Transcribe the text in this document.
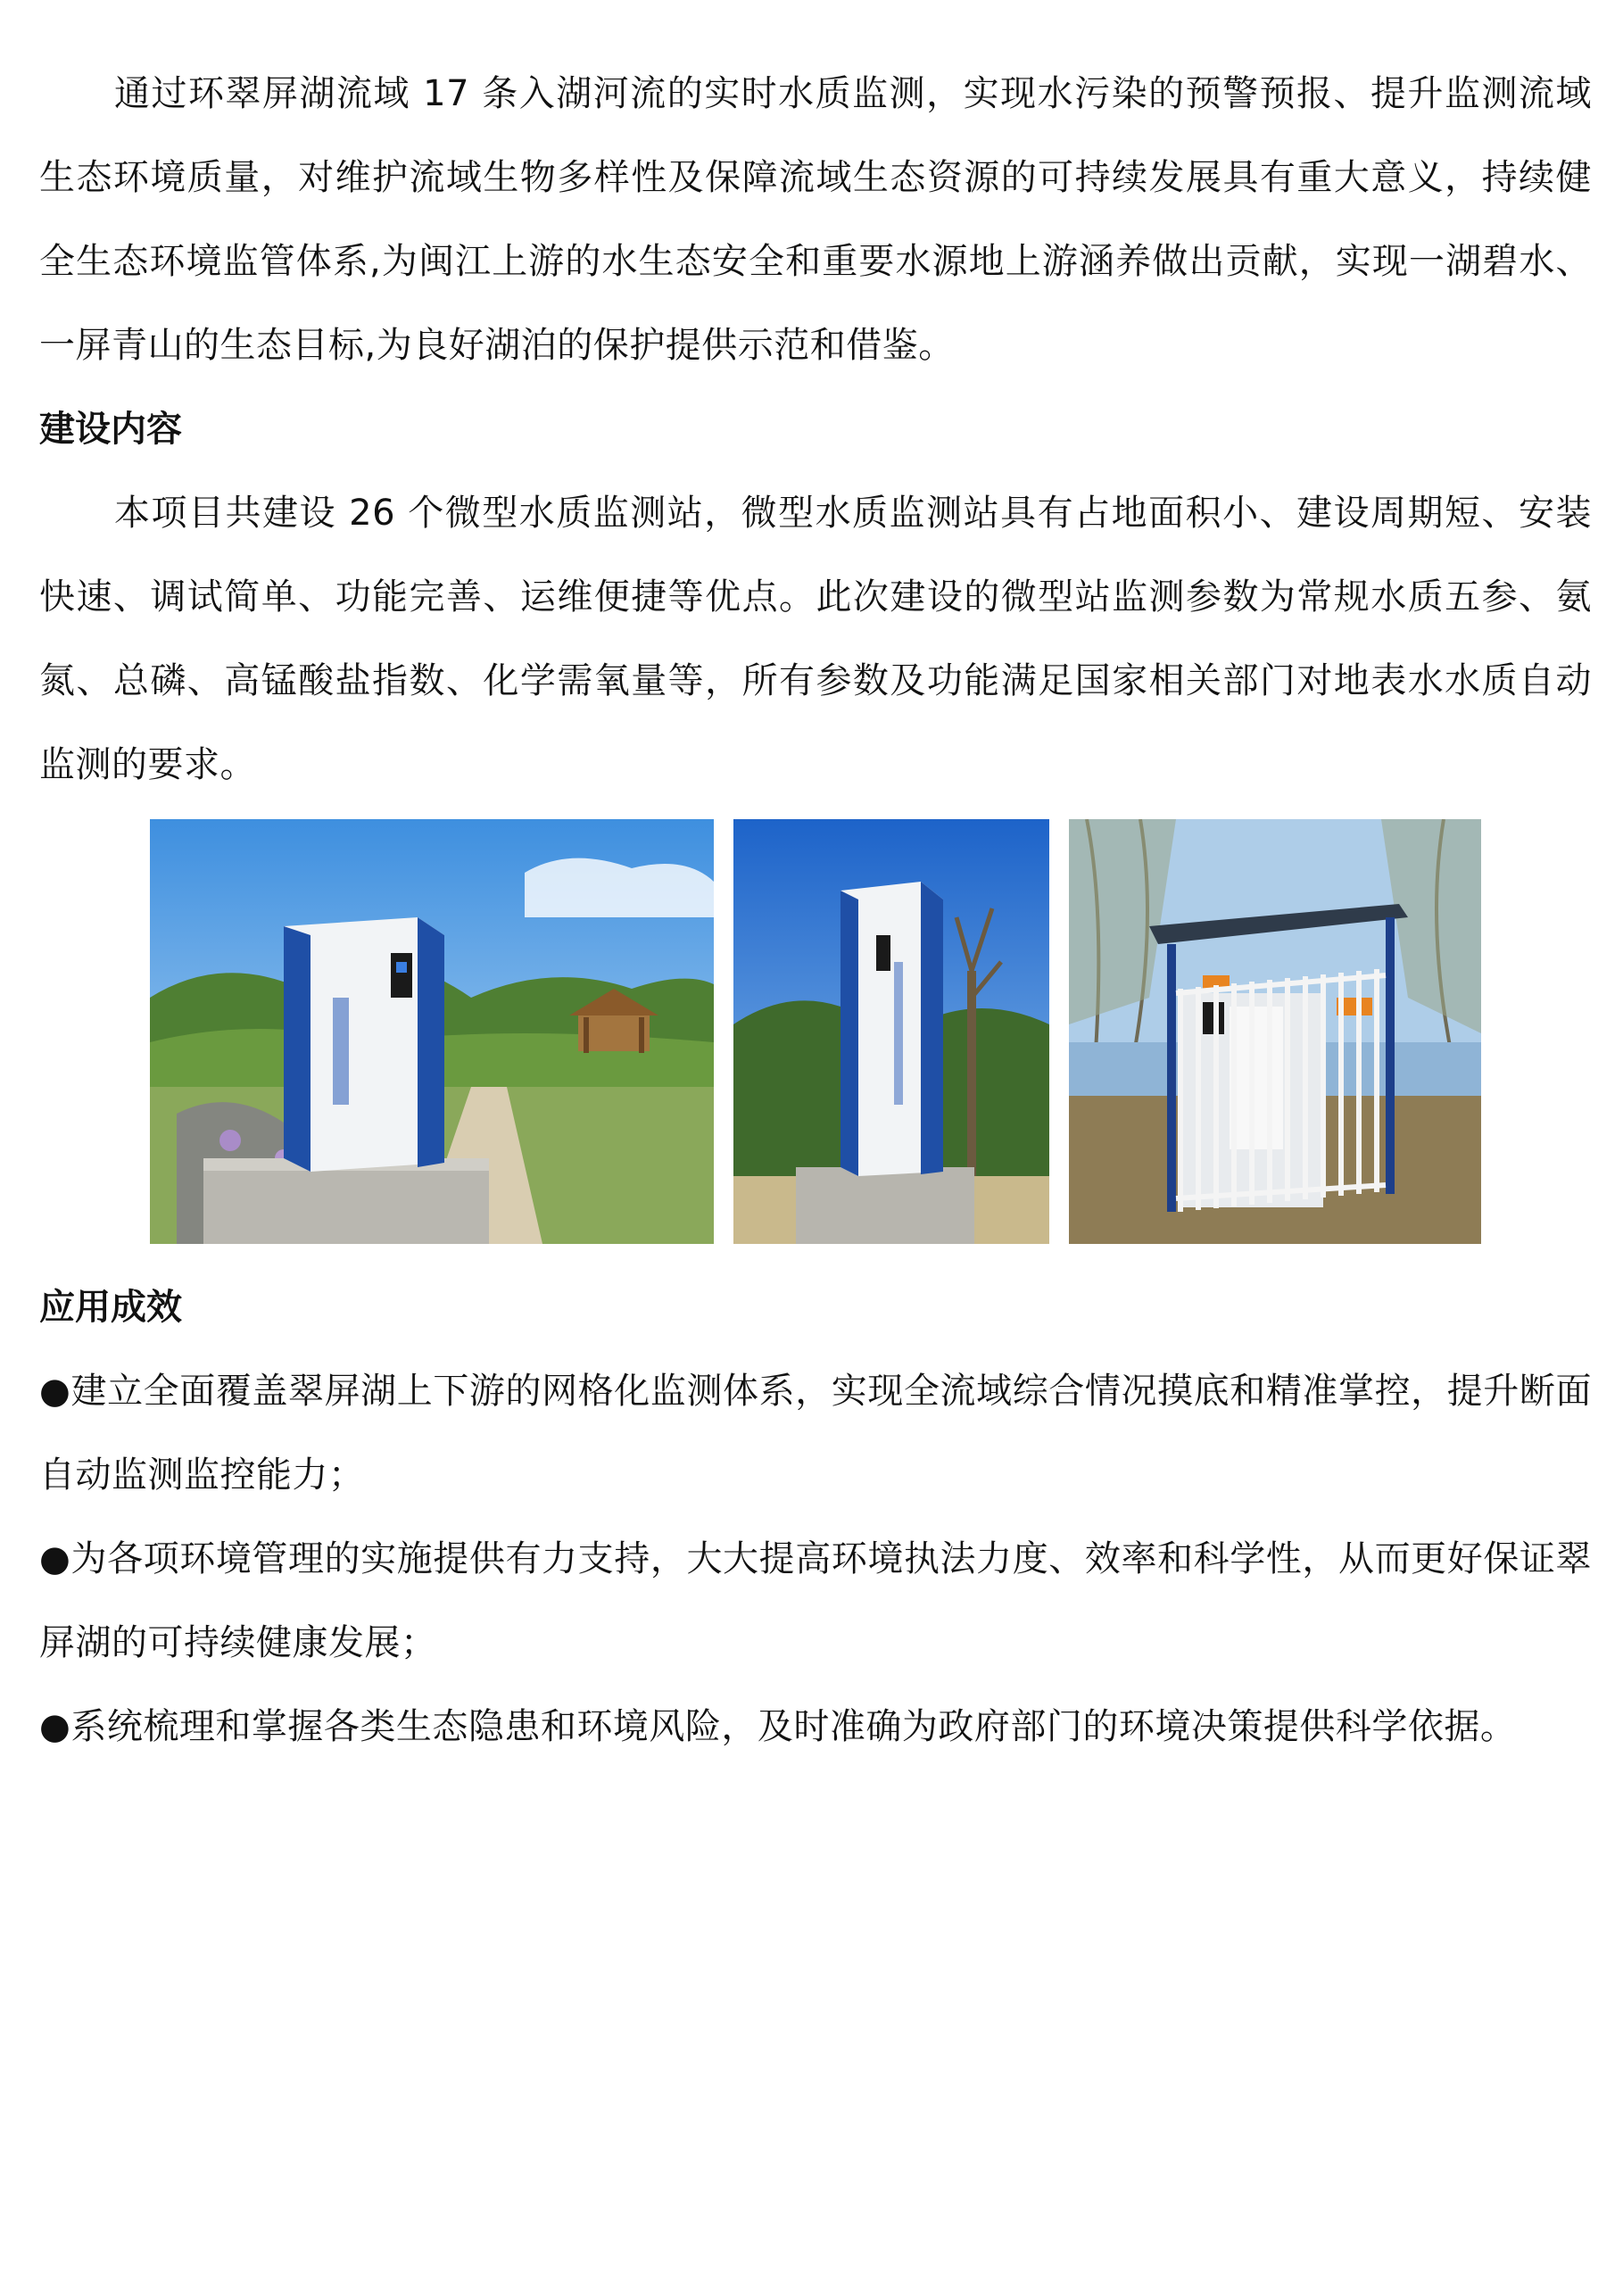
通过环翠屏湖流域 17 条入湖河流的实时水质监测，实现水污染的预警预报、提升监测流域生态环境质量，对维护流域生物多样性及保障流域生态资源的可持续发展具有重大意义，持续健全生态环境监管体系,为闽江上游的水生态安全和重要水源地上游涵养做出贡献，实现一湖碧水、一屏青山的生态目标,为良好湖泊的保护提供示范和借鉴。

建设内容

本项目共建设 26 个微型水质监测站，微型水质监测站具有占地面积小、建设周期短、安装快速、调试简单、功能完善、运维便捷等优点。此次建设的微型站监测参数为常规水质五参、氨氮、总磷、高锰酸盐指数、化学需氧量等，所有参数及功能满足国家相关部门对地表水水质自动监测的要求。

应用成效

●建立全面覆盖翠屏湖上下游的网格化监测体系，实现全流域综合情况摸底和精准掌控，提升断面自动监测监控能力；

●为各项环境管理的实施提供有力支持，大大提高环境执法力度、效率和科学性，从而更好保证翠屏湖的可持续健康发展；

●系统梳理和掌握各类生态隐患和环境风险，及时准确为政府部门的环境决策提供科学依据。
